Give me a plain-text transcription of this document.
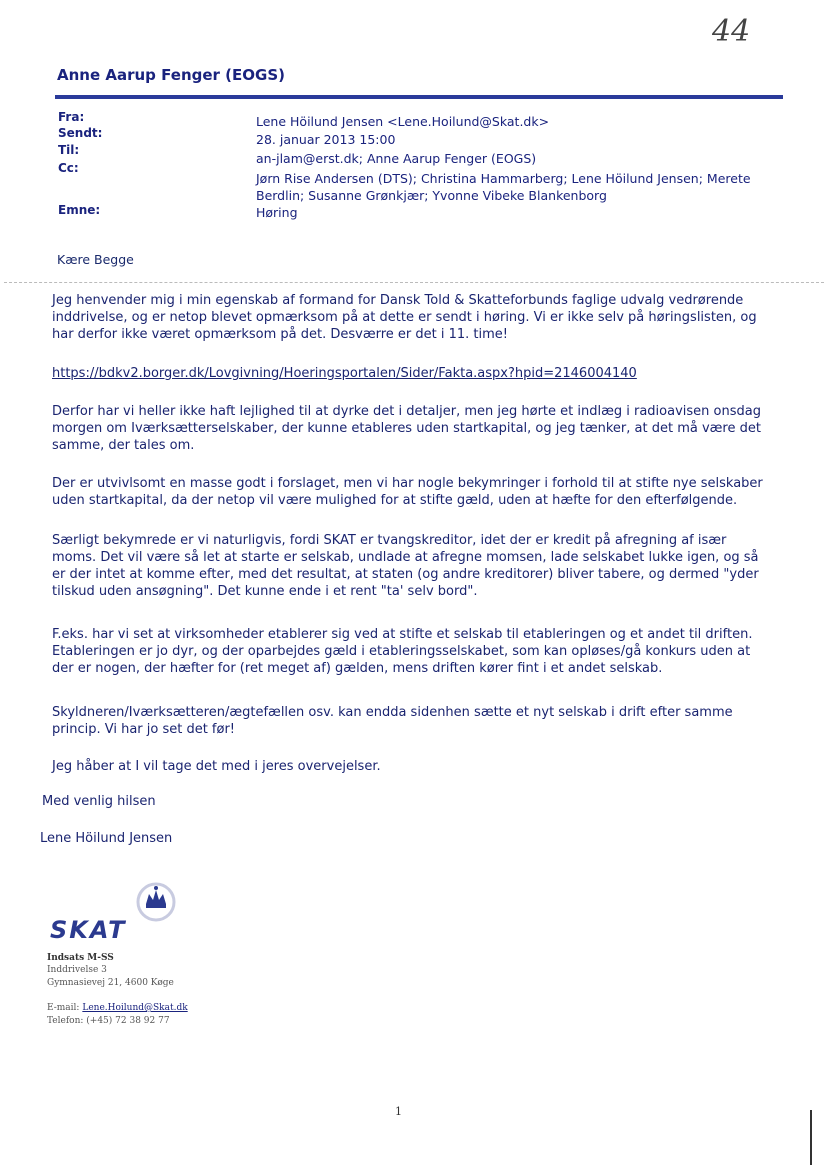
44
Anne Aarup Fenger (EOGS)
Fra:	Lene Höilund Jensen <Lene.Hoilund@Skat.dk>
Sendt:	28. januar 2013 15:00
Til:
an-jlam@erst.dk; Anne Aarup Fenger (EOGS)
Cc:
Jørn Rise Andersen (DTS); Christina Hammarberg; Lene Höilund Jensen; Merete Berdlin; Susanne Grønkjær; Yvonne Vibeke Blankenborg
Emne:	Høring
Kære Begge
Jeg henvender mig i min egenskab af formand for Dansk Told & Skatteforbunds faglige udvalg vedrørende inddrivelse, og er netop blevet opmærksom på at dette er sendt i høring. Vi er ikke selv på høringslisten, og har derfor ikke været opmærksom på det. Desværre er det i 11. time!
https://bdkv2.borger.dk/Lovgivning/Hoeringsportalen/Sider/Fakta.aspx?hpid=2146004140
Derfor har vi heller ikke haft lejlighed til at dyrke det i detaljer, men jeg hørte et indlæg i radioavisen onsdag morgen om Iværksætterselskaber, der kunne etableres uden startkapital, og jeg tænker, at det må være det samme, der tales om.
Der er utvivlsomt en masse godt i forslaget, men vi har nogle bekymringer i forhold til at stifte nye selskaber uden startkapital, da der netop vil være mulighed for at stifte gæld, uden at hæfte for den efterfølgende.
Særligt bekymrede er vi naturligvis, fordi SKAT er tvangskreditor, idet der er kredit på afregning af især moms. Det vil være så let at starte er selskab, undlade at afregne momsen, lade selskabet lukke igen, og så er der intet at komme efter, med det resultat, at staten (og andre kreditorer) bliver tabere, og dermed "yder tilskud uden ansøgning". Det kunne ende i et rent "ta' selv bord".
F.eks. har vi set at virksomheder etablerer sig ved at stifte et selskab til etableringen og et andet til driften. Etableringen er jo dyr, og der oparbejdes gæld i etableringsselskabet, som kan opløses/gå konkurs uden at der er nogen, der hæfter for (ret meget af) gælden, mens driften kører fint i et andet selskab.
Skyldneren/Iværksætteren/ægtefællen osv. kan endda sidenhen sætte et nyt selskab i drift efter samme princip. Vi har jo set det før!
Jeg håber at I vil tage det med i jeres overvejelser.
Med venlig hilsen
Lene Höilund Jensen
SKAT
Indsats M-SS
Inddrivelse 3
Gymnasievej 21, 4600 Køge
E-mail: Lene.Hoilund@Skat.dk
Telefon: (+45) 72 38 92 77
1
